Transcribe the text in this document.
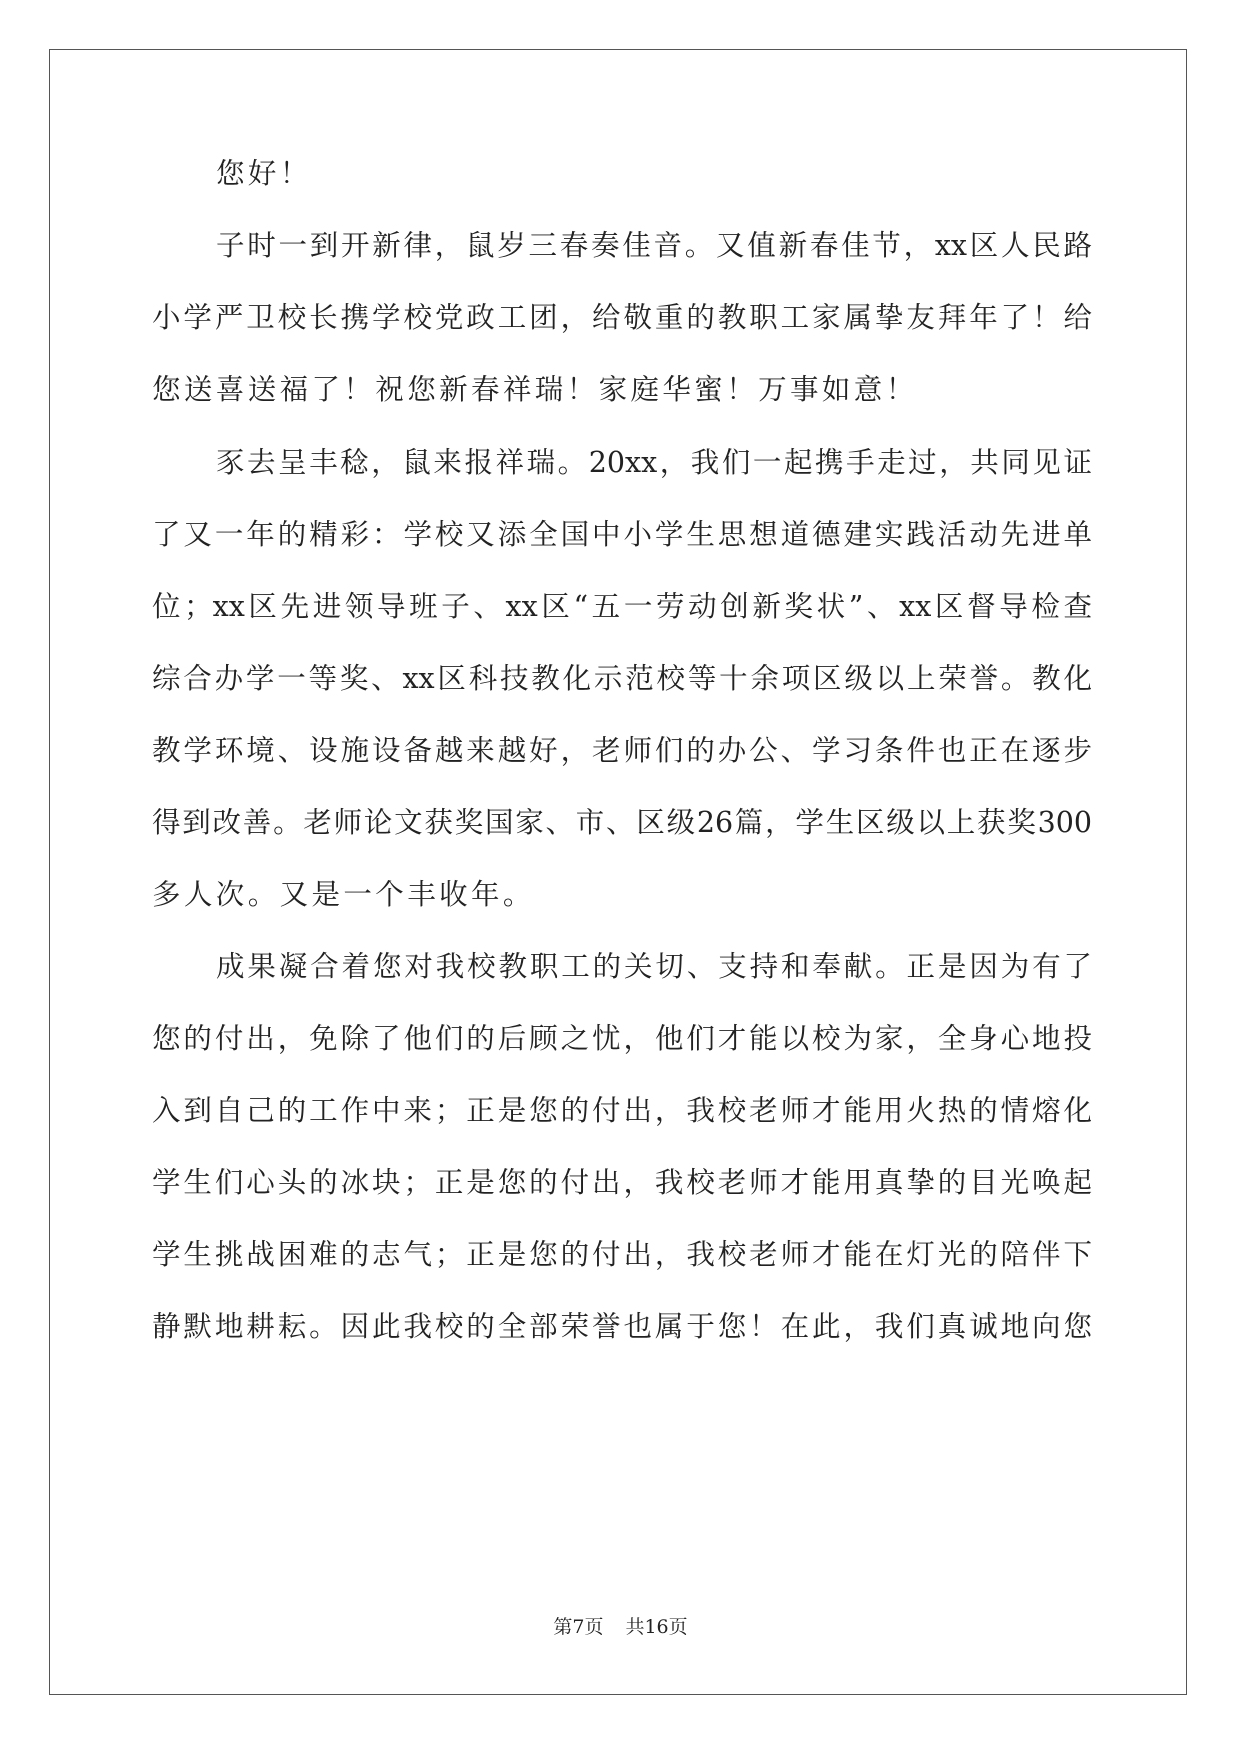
您好！
子时一到开新律，鼠岁三春奏佳音。又值新春佳节，xx区人民路
小学严卫校长携学校党政工团，给敬重的教职工家属挚友拜年了！给
您送喜送福了！祝您新春祥瑞！家庭华蜜！万事如意！
豕去呈丰稔，鼠来报祥瑞。20xx，我们一起携手走过，共同见证
了又一年的精彩：学校又添全国中小学生思想道德建实践活动先进单
位；xx区先进领导班子、xx区“五一劳动创新奖状”、xx区督导检查
综合办学一等奖、xx区科技教化示范校等十余项区级以上荣誉。教化
教学环境、设施设备越来越好，老师们的办公、学习条件也正在逐步
得到改善。老师论文获奖国家、市、区级26篇，学生区级以上获奖300
多人次。又是一个丰收年。
成果凝合着您对我校教职工的关切、支持和奉献。正是因为有了
您的付出，免除了他们的后顾之忧，他们才能以校为家，全身心地投
入到自己的工作中来；正是您的付出，我校老师才能用火热的情熔化
学生们心头的冰块；正是您的付出，我校老师才能用真挚的目光唤起
学生挑战困难的志气；正是您的付出，我校老师才能在灯光的陪伴下
静默地耕耘。因此我校的全部荣誉也属于您！在此，我们真诚地向您
第7页 共16页
